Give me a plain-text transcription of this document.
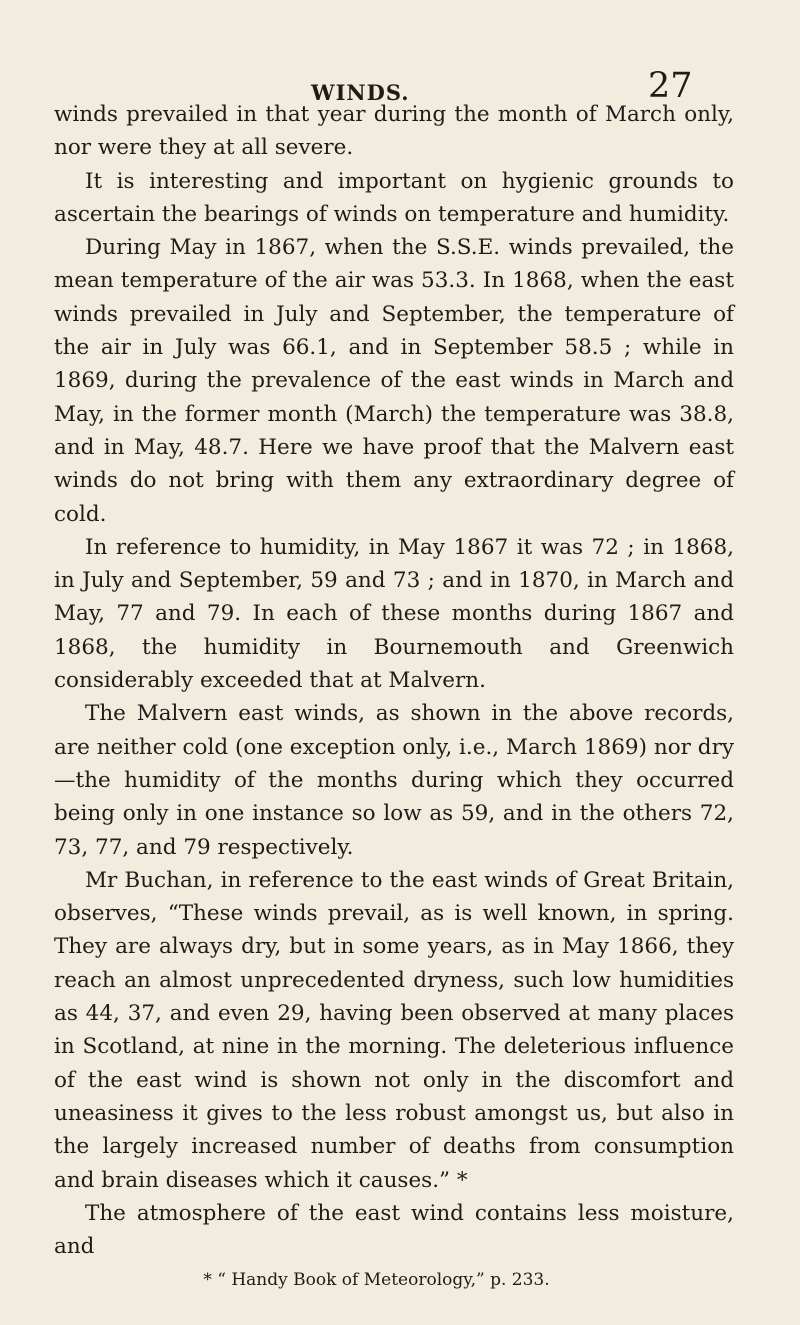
WINDS.	27

winds prevailed in that year during the month of March only, nor were they at all severe.

It is interesting and important on hygienic grounds to ascertain the bearings of winds on temperature and humidity.

During May in 1867, when the S.S.E. winds prevailed, the mean temperature of the air was 53.3. In 1868, when the east winds prevailed in July and September, the temperature of the air in July was 66.1, and in September 58.5 ; while in 1869, during the prevalence of the east winds in March and May, in the former month (March) the temperature was 38.8, and in May, 48.7. Here we have proof that the Malvern east winds do not bring with them any extraordinary degree of cold.

In reference to humidity, in May 1867 it was 72 ; in 1868, in July and September, 59 and 73 ; and in 1870, in March and May, 77 and 79. In each of these months during 1867 and 1868, the humidity in Bournemouth and Greenwich considerably exceeded that at Malvern.

The Malvern east winds, as shown in the above records, are neither cold (one exception only, i.e., March 1869) nor dry—the humidity of the months during which they occurred being only in one instance so low as 59, and in the others 72, 73, 77, and 79 respectively.

Mr Buchan, in reference to the east winds of Great Britain, observes, “These winds prevail, as is well known, in spring. They are always dry, but in some years, as in May 1866, they reach an almost unprecedented dryness, such low humidities as 44, 37, and even 29, having been observed at many places in Scotland, at nine in the morning. The deleterious influence of the east wind is shown not only in the discomfort and uneasiness it gives to the less robust amongst us, but also in the largely increased number of deaths from consumption and brain diseases which it causes.” *

The atmosphere of the east wind contains less moisture, and

* “ Handy Book of Meteorology,” p. 233.
